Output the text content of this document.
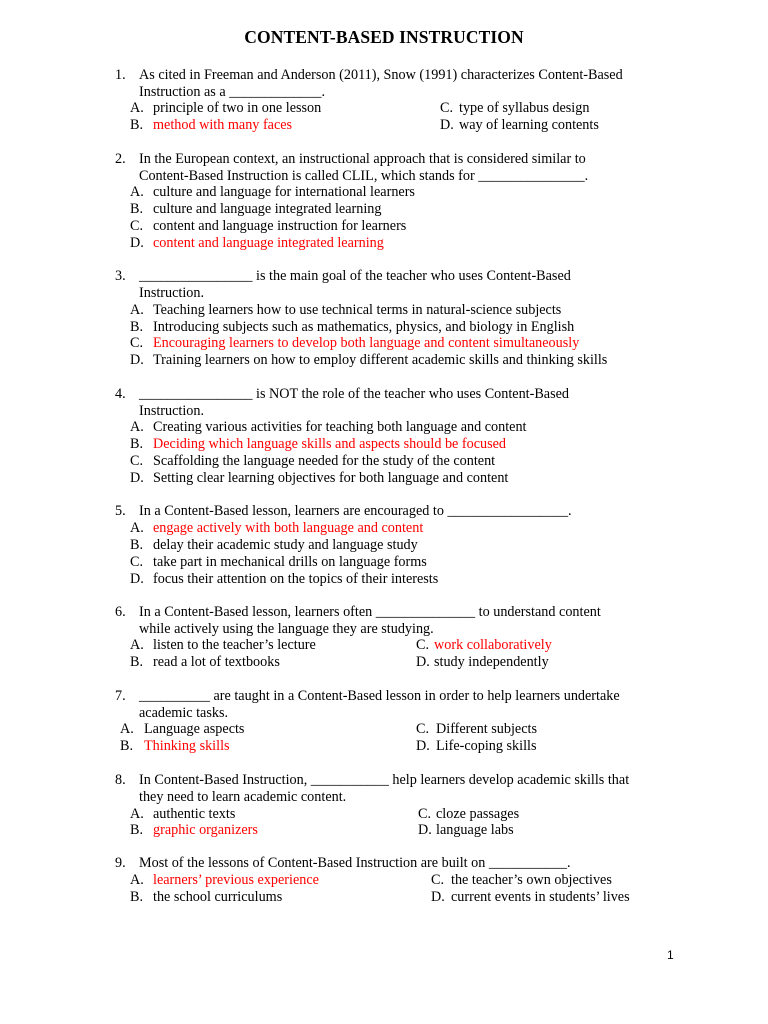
CONTENT-BASED INSTRUCTION
1. As cited in Freeman and Anderson (2011), Snow (1991) characterizes Content-Based
Instruction as a _____________.
A. principle of two in one lesson
B. method with many faces
C. type of syllabus design
D. way of learning contents
2. In the European context, an instructional approach that is considered similar to
Content-Based Instruction is called CLIL, which stands for _______________.
A. culture and language for international learners
B. culture and language integrated learning
C. content and language instruction for learners
D. content and language integrated learning
3. ________________ is the main goal of the teacher who uses Content-Based
Instruction.
A. Teaching learners how to use technical terms in natural-science subjects
B. Introducing subjects such as mathematics, physics, and biology in English
C. Encouraging learners to develop both language and content simultaneously
D. Training learners on how to employ different academic skills and thinking skills
4. ________________ is NOT the role of the teacher who uses Content-Based
Instruction.
A. Creating various activities for teaching both language and content
B. Deciding which language skills and aspects should be focused
C. Scaffolding the language needed for the study of the content
D. Setting clear learning objectives for both language and content
5. In a Content-Based lesson, learners are encouraged to _________________.
A. engage actively with both language and content
B. delay their academic study and language study
C. take part in mechanical drills on language forms
D. focus their attention on the topics of their interests
6. In a Content-Based lesson, learners often ______________ to understand content
while actively using the language they are studying.
A. listen to the teacher’s lecture
B. read a lot of textbooks
C. work collaboratively
D. study independently
7. __________ are taught in a Content-Based lesson in order to help learners undertake
academic tasks.
A. Language aspects
B. Thinking skills
C. Different subjects
D. Life-coping skills
8. In Content-Based Instruction, ___________ help learners develop academic skills that
they need to learn academic content.
A. authentic texts
B. graphic organizers
C. cloze passages
D. language labs
9. Most of the lessons of Content-Based Instruction are built on ___________.
A. learners’ previous experience
B. the school curriculums
C. the teacher’s own objectives
D. current events in students’ lives
1
